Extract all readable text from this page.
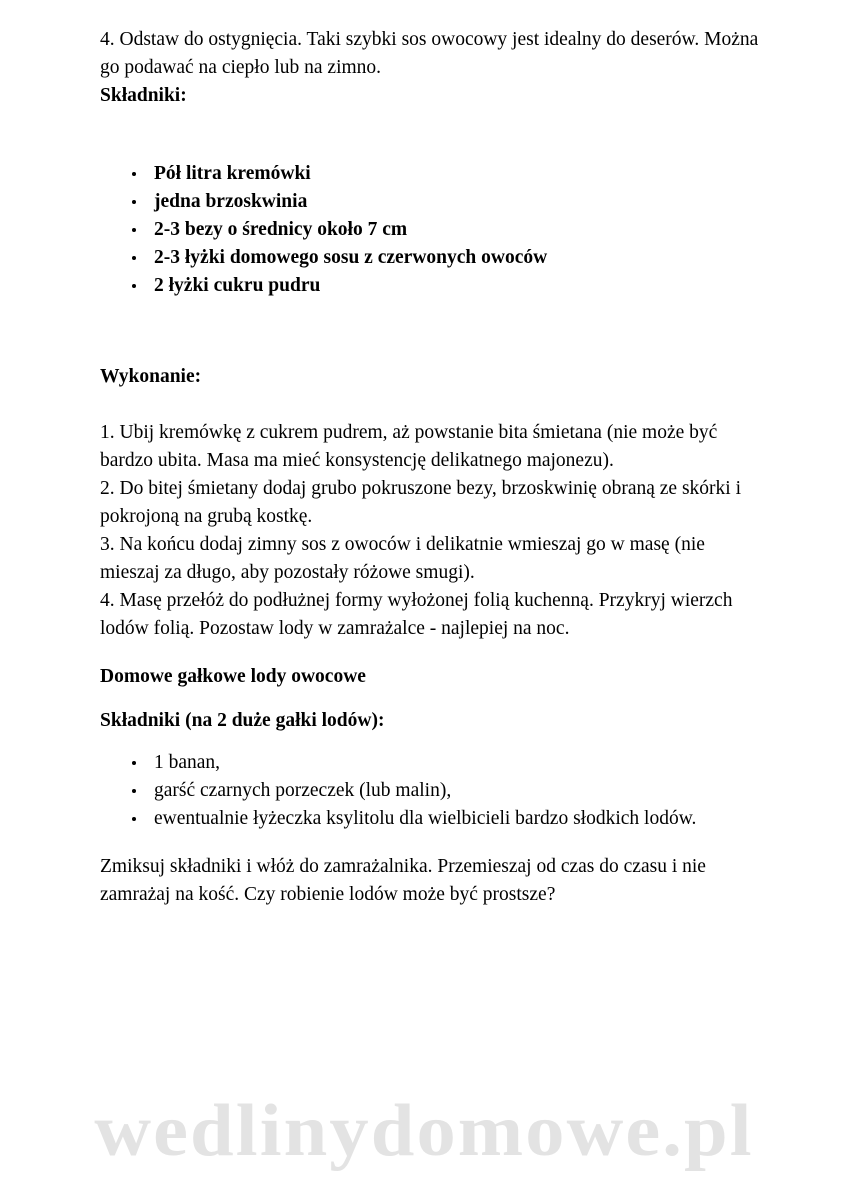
4. Odstaw do ostygnięcia. Taki szybki sos owocowy jest idealny do deserów. Można go podawać na ciepło lub na zimno.

Składniki:

Pół litra kremówki
jedna brzoskwinia
2-3 bezy o średnicy około 7 cm
2-3 łyżki domowego sosu z czerwonych owoców
2 łyżki cukru pudru

Wykonanie:

1. Ubij kremówkę z cukrem pudrem, aż powstanie bita śmietana (nie może być bardzo ubita. Masa ma mieć konsystencję delikatnego majonezu).

2. Do bitej śmietany dodaj grubo pokruszone bezy, brzoskwinię obraną ze skórki i pokrojoną na grubą kostkę.

3. Na końcu dodaj zimny sos z owoców i delikatnie wmieszaj go w masę (nie mieszaj za długo, aby pozostały różowe smugi).

4. Masę przełóż do podłużnej formy wyłożonej folią kuchenną. Przykryj wierzch lodów folią. Pozostaw lody w zamrażalce - najlepiej na noc.

Domowe gałkowe lody owocowe

Składniki (na 2 duże gałki lodów):

1 banan,
garść czarnych porzeczek (lub malin),
ewentualnie łyżeczka ksylitolu dla wielbicieli bardzo słodkich lodów.

Zmiksuj składniki i włóż do zamrażalnika. Przemieszaj od czas do czasu i nie zamrażaj na kość. Czy robienie lodów może być prostsze?

wedlinydomowe.pl
